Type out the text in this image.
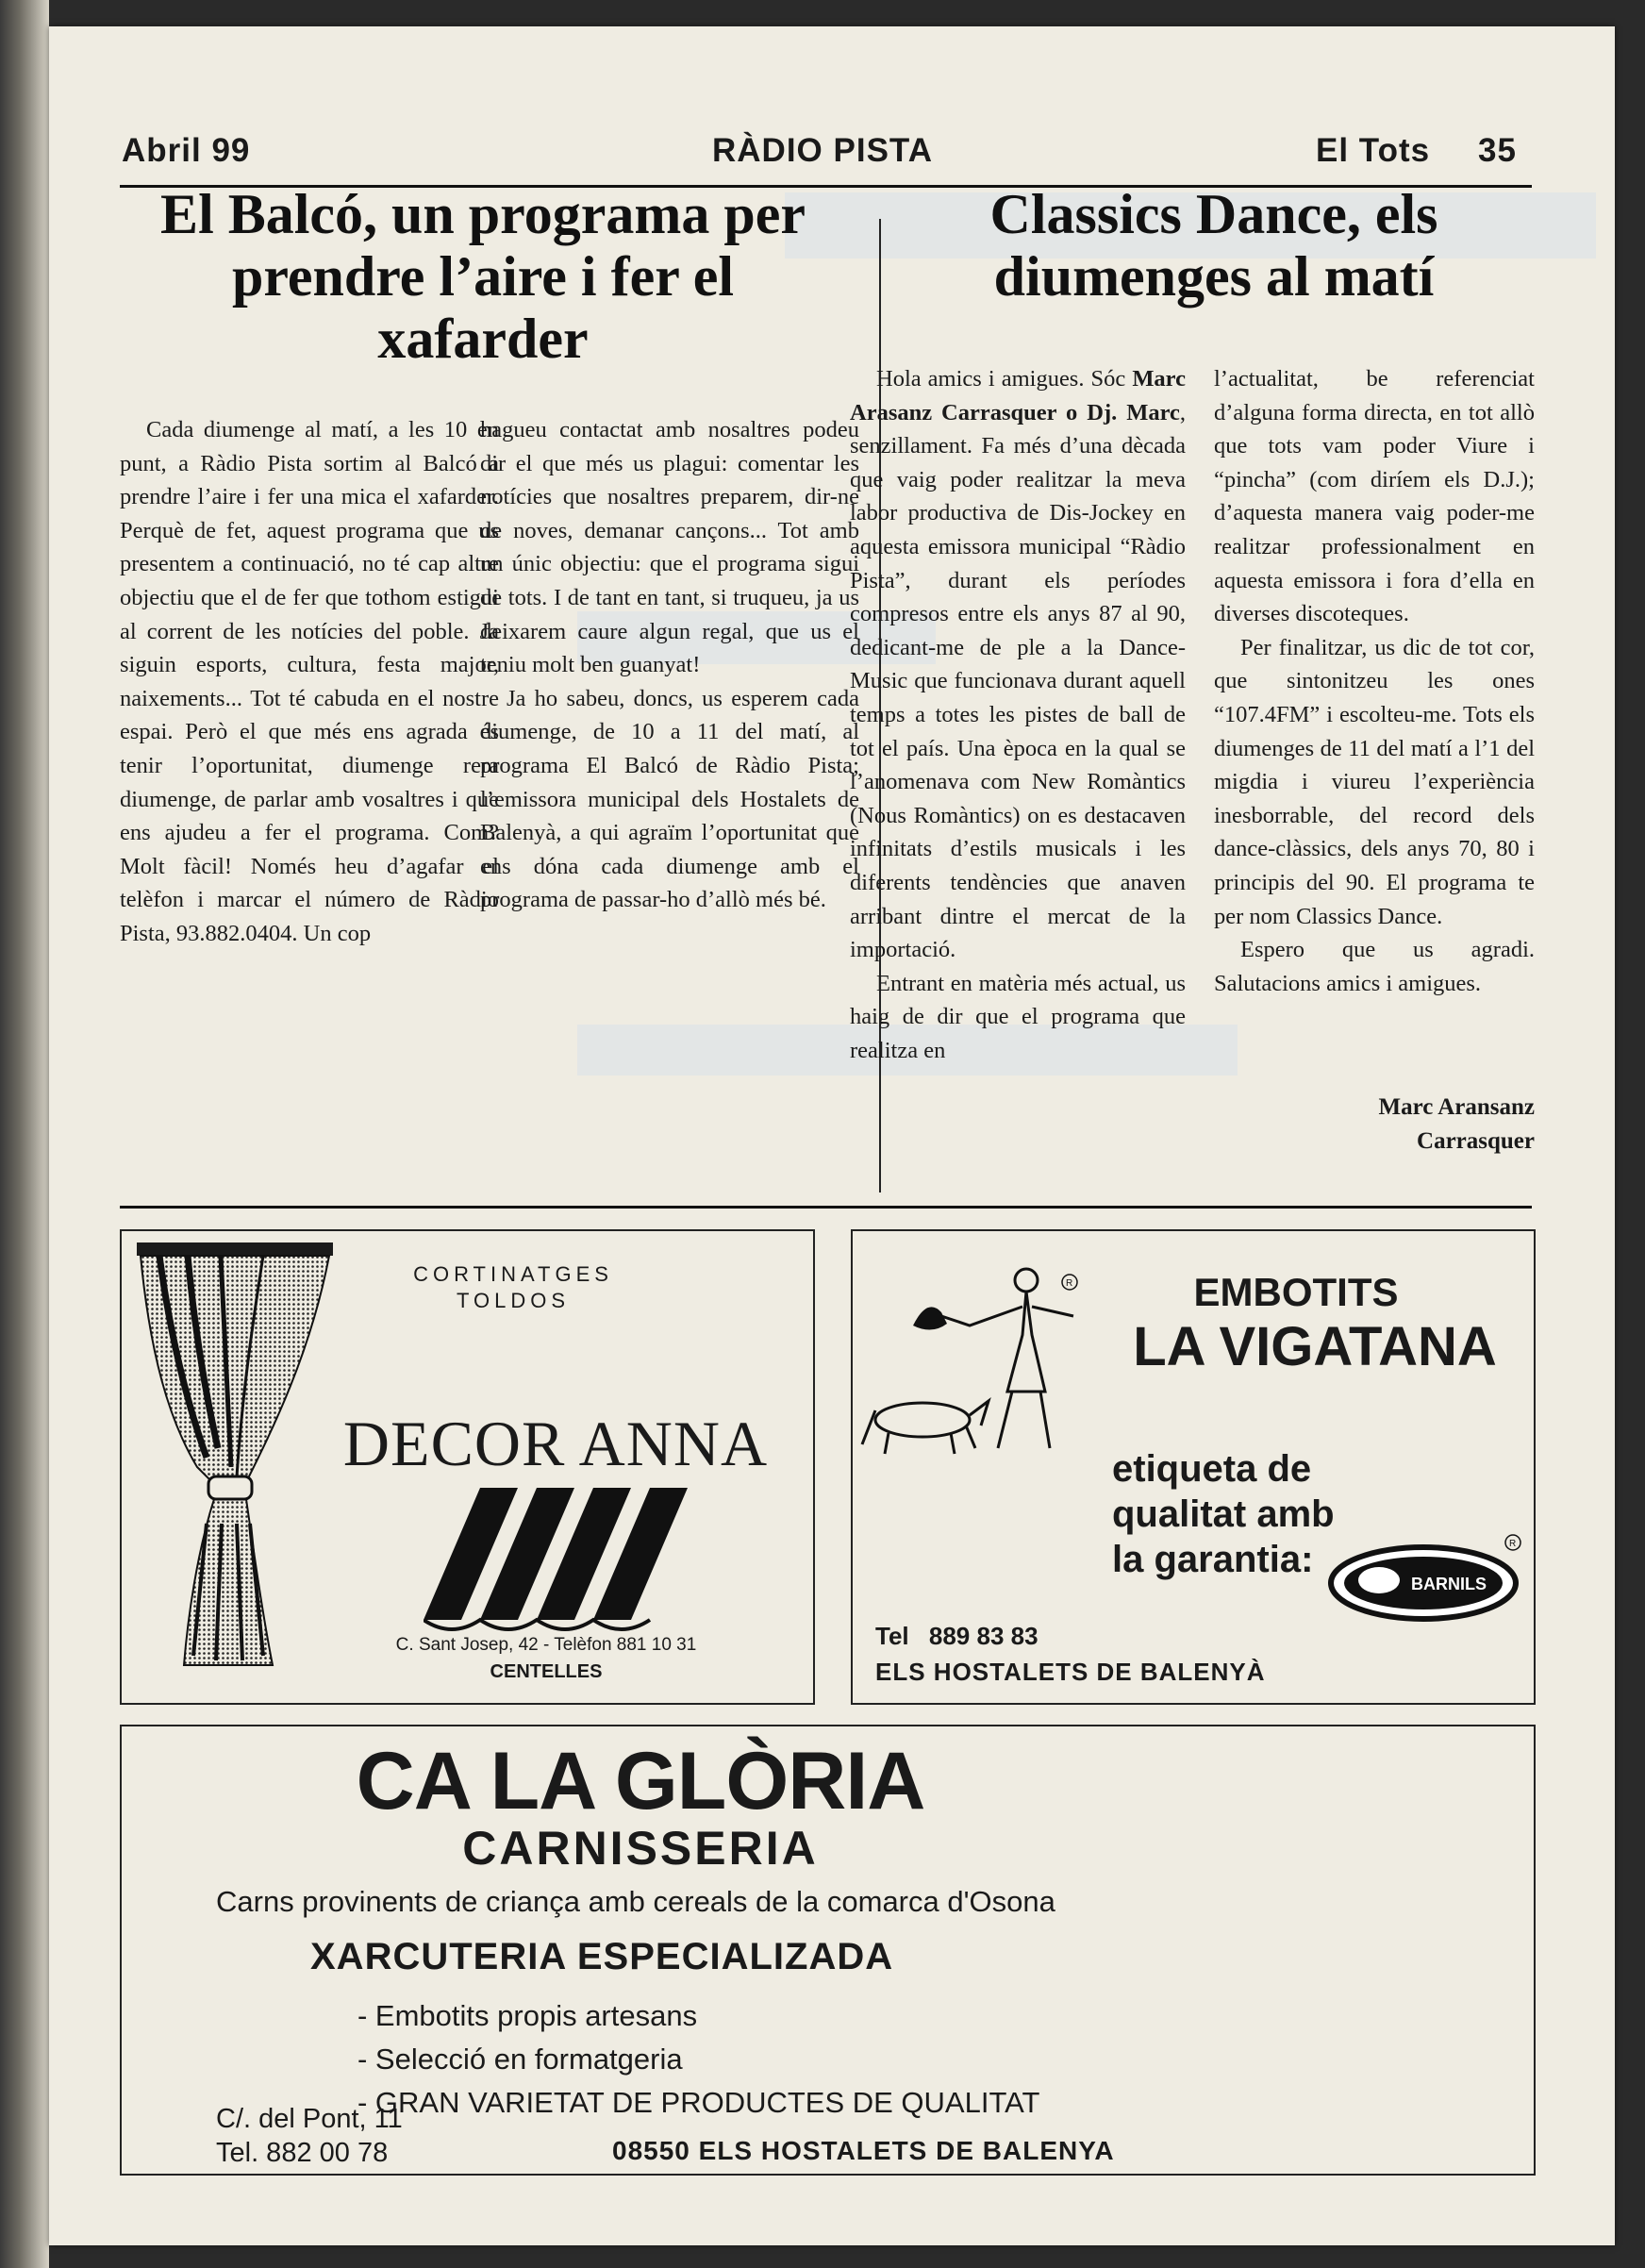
Abril 99	RÀDIO PISTA	El Tots 35
El Balcó, un programa per prendre l’aire i fer el xafarder

Cada diumenge al matí, a les 10 en punt, a Ràdio Pista sortim al Balcó a prendre l’aire i fer una mica el xafarder. Perquè de fet, aquest programa que us presentem a continuació, no té cap altre objectiu que el de fer que tothom estigui al corrent de les notícies del poble. Ja siguin esports, cultura, festa major, naixements... Tot té cabuda en el nostre espai. Però el que més ens agrada és tenir l’oportunitat, diumenge rera diumenge, de parlar amb vosaltres i que ens ajudeu a fer el programa. Com? Molt fàcil! Només heu d’agafar el telèfon i marcar el número de Ràdio Pista, 93.882.0404. Un cop

hagueu contactat amb nosaltres podeu dir el que més us plagui: comentar les notícies que nosaltres preparem, dir-ne de noves, demanar cançons... Tot amb un únic objectiu: que el programa sigui de tots. I de tant en tant, si truqueu, ja us deixarem caure algun regal, que us el teniu molt ben guanyat!

Ja ho sabeu, doncs, us esperem cada diumenge, de 10 a 11 del matí, al programa El Balcó de Ràdio Pista; l’emissora municipal dels Hostalets de Balenyà, a qui agraïm l’oportunitat que ens dóna cada diumenge amb el programa de passar-ho d’allò més bé.

Classics Dance, els diumenges al matí

Hola amics i amigues. Sóc Marc Arasanz Carrasquer o Dj. Marc, senzillament. Fa més d’una dècada que vaig poder realitzar la meva labor productiva de Dis-Jockey en aquesta emissora municipal “Ràdio Pista”, durant els períodes compresos entre els anys 87 al 90, dedicant-me de ple a la Dance-Music que funcionava durant aquell temps a totes les pistes de ball de tot el país. Una època en la qual se l’anomenava com New Romàntics (Nous Romàntics) on es destacaven infinitats d’estils musicals i les diferents tendències que anaven arribant dintre el mercat de la importació.

Entrant en matèria més actual, us haig de dir que el programa que realitza en

l’actualitat, be referenciat d’alguna forma directa, en tot allò que tots vam poder Viure i “pincha” (com diríem els D.J.); d’aquesta manera vaig poder-me realitzar professionalment en aquesta emissora i fora d’ella en diverses discoteques.

Per finalitzar, us dic de tot cor, que sintonitzeu les ones “107.4FM” i escolteu-me. Tots els diumenges de 11 del matí a l’1 del migdia i viureu l’experiència inesborrable, del record dels dance-clàssics, dels anys 70, 80 i principis del 90. El programa te per nom Classics Dance.

Espero que us agradi. Salutacions amics i amigues.

Marc Aransanz
Carrasquer
CORTINATGES
TOLDOS
DECOR ANNA
C. Sant Josep, 42 - Telèfon 881 10 31
CENTELLES
R	EMBOTITS
LA VIGATANA
etiqueta de
qualitat amb
la garantia:
BARNILS
R
Tel 889 83 83
ELS HOSTALETS DE BALENYÀ
CA LA GLÒRIA
CARNISSERIA
Carns provinents de criança amb cereals de la comarca d'Osona
XARCUTERIA ESPECIALIZADA
- Embotits propis artesans
- Selecció en formatgeria
- GRAN VARIETAT DE PRODUCTES DE QUALITAT
C/. del Pont, 11
Tel. 882 00 78	08550 ELS HOSTALETS DE BALENYA
